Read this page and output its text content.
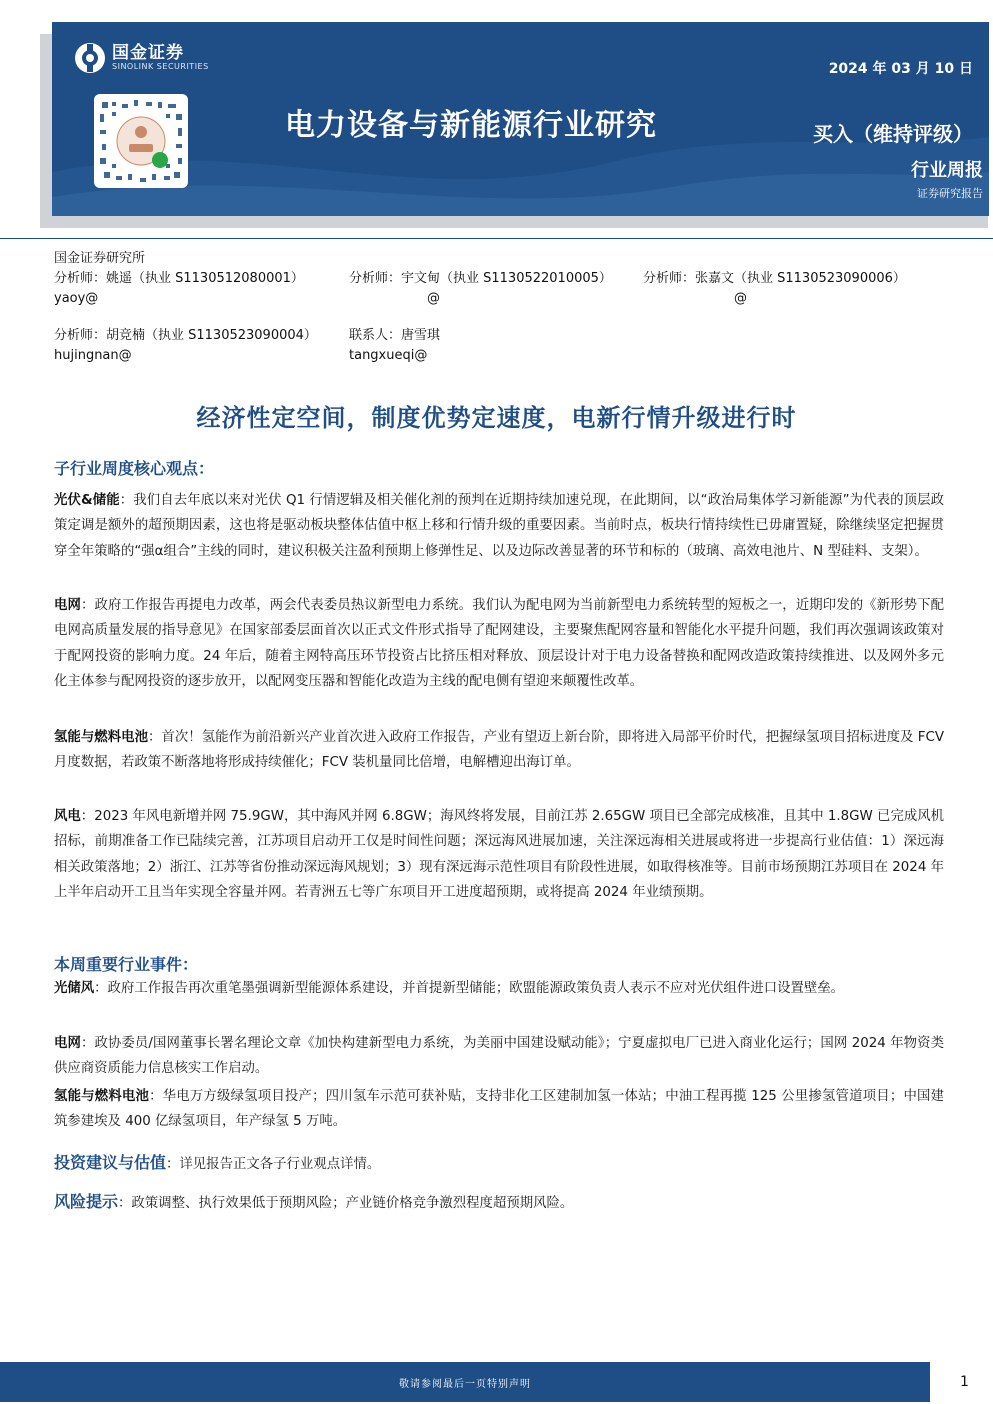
国金证券
SINOLINK SECURITIES
电力设备与新能源行业研究
2024 年 03 月 10 日
买入（维持评级）
行业周报
证券研究报告
国金证券研究所
分析师：姚遥（执业 S1130512080001）	分析师：宇文甸（执业 S1130522010005） 分析师：张嘉文（执业 S1130523090006）
yaoy@	@	@
分析师：胡竞楠（执业 S1130523090004） 联系人：唐雪琪
hujingnan@	tangxueqi@
经济性定空间，制度优势定速度，电新行情升级进行时
子行业周度核心观点：
光伏&储能：我们自去年底以来对光伏 Q1 行情逻辑及相关催化剂的预判在近期持续加速兑现，在此期间，以“政治局集体学习新能源”为代表的顶层政策定调是额外的超预期因素，这也将是驱动板块整体估值中枢上移和行情升级的重要因素。当前时点，板块行情持续性已毋庸置疑，除继续坚定把握贯穿全年策略的“强α组合”主线的同时，建议积极关注盈利预期上修弹性足、以及边际改善显著的环节和标的（玻璃、高效电池片、N 型硅料、支架）。
电网：政府工作报告再提电力改革，两会代表委员热议新型电力系统。我们认为配电网为当前新型电力系统转型的短板之一，近期印发的《新形势下配电网高质量发展的指导意见》在国家部委层面首次以正式文件形式指导了配网建设，主要聚焦配网容量和智能化水平提升问题，我们再次强调该政策对于配网投资的影响力度。24 年后，随着主网特高压环节投资占比挤压相对释放、顶层设计对于电力设备替换和配网改造政策持续推进、以及网外多元化主体参与配网投资的逐步放开，以配网变压器和智能化改造为主线的配电侧有望迎来颠覆性改革。
氢能与燃料电池：首次！氢能作为前沿新兴产业首次进入政府工作报告，产业有望迈上新台阶，即将进入局部平价时代，把握绿氢项目招标进度及 FCV 月度数据，若政策不断落地将形成持续催化；FCV 装机量同比倍增，电解槽迎出海订单。
风电：2023 年风电新增并网 75.9GW，其中海风并网 6.8GW；海风终将发展，目前江苏 2.65GW 项目已全部完成核准，且其中 1.8GW 已完成风机招标，前期准备工作已陆续完善，江苏项目启动开工仅是时间性问题；深远海风进展加速，关注深远海相关进展或将进一步提高行业估值：1）深远海相关政策落地；2）浙江、江苏等省份推动深远海风规划；3）现有深远海示范性项目有阶段性进展，如取得核准等。目前市场预期江苏项目在 2024 年上半年启动开工且当年实现全容量并网。若青洲五七等广东项目开工进度超预期，或将提高 2024 年业绩预期。
本周重要行业事件：
光储风：政府工作报告再次重笔墨强调新型能源体系建设，并首提新型储能；欧盟能源政策负责人表示不应对光伏组件进口设置壁垒。
电网：政协委员/国网董事长署名理论文章《加快构建新型电力系统，为美丽中国建设赋动能》；宁夏虚拟电厂已进入商业化运行；国网 2024 年物资类供应商资质能力信息核实工作启动。
氢能与燃料电池：华电万方级绿氢项目投产；四川氢车示范可获补贴，支持非化工区建制加氢一体站；中油工程再揽 125 公里掺氢管道项目；中国建筑参建埃及 400 亿绿氢项目，年产绿氢 5 万吨。
投资建议与估值：详见报告正文各子行业观点详情。
风险提示：政策调整、执行效果低于预期风险；产业链价格竞争激烈程度超预期风险。
敬请参阅最后一页特别声明	1
